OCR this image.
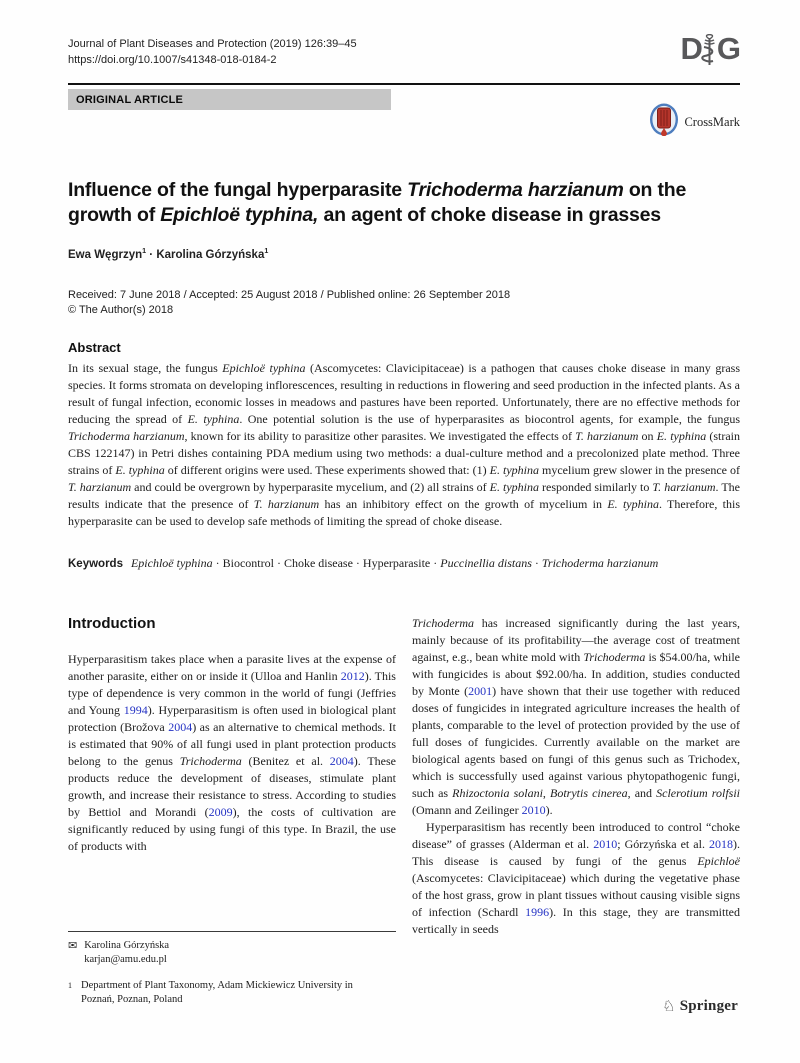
Journal of Plant Diseases and Protection (2019) 126:39–45
https://doi.org/10.1007/s41348-018-0184-2	D G
ORIGINAL ARTICLE
CrossMark
Influence of the fungal hyperparasite Trichoderma harzianum on the growth of Epichloë typhina, an agent of choke disease in grasses
Ewa Węgrzyn$^1$ · Karolina Górzyńska$^1$
Received: 7 June 2018 / Accepted: 25 August 2018 / Published online: 26 September 2018
© The Author(s) 2018
Abstract

In its sexual stage, the fungus Epichloë typhina (Ascomycetes: Clavicipitaceae) is a pathogen that causes choke disease in many grass species. It forms stromata on developing inflorescences, resulting in reductions in flowering and seed production in the infected plants. As a result of fungal infection, economic losses in meadows and pastures have been reported. Unfortunately, there are no effective methods for reducing the spread of E. typhina. One potential solution is the use of hyperparasites as biocontrol agents, for example, the fungus Trichoderma harzianum, known for its ability to parasitize other parasites. We investigated the effects of T. harzianum on E. typhina (strain CBS 122147) in Petri dishes containing PDA medium using two methods: a dual-culture method and a precolonized plate method. Three strains of E. typhina of different origins were used. These experiments showed that: (1) E. typhina mycelium grew slower in the presence of T. harzianum and could be overgrown by hyperparasite mycelium, and (2) all strains of E. typhina responded similarly to T. harzianum. The results indicate that the presence of T. harzianum has an inhibitory effect on the growth of mycelium in E. typhina. Therefore, this hyperparasite can be used to develop safe methods of limiting the spread of choke disease.

Keywords Epichloë typhina · Biocontrol · Choke disease · Hyperparasite · Puccinellia distans · Trichoderma harzianum
Introduction

Hyperparasitism takes place when a parasite lives at the expense of another parasite, either on or inside it (Ulloa and Hanlin 2012). This type of dependence is very common in the world of fungi (Jeffries and Young 1994). Hyperparasitism is often used in biological plant protection (Brožova 2004) as an alternative to chemical methods. It is estimated that 90% of all fungi used in plant protection products belong to the genus Trichoderma (Benitez et al. 2004). These products reduce the development of diseases, stimulate plant growth, and increase their resistance to stress. According to studies by Bettiol and Morandi (2009), the costs of cultivation are significantly reduced by using fungi of this type. In Brazil, the use of products with

✉ Karolina Górzyńska
karjan@amu.edu.pl
1 Department of Plant Taxonomy, Adam Mickiewicz University in Poznań, Poznan, Poland

Trichoderma has increased significantly during the last years, mainly because of its profitability—the average cost of treatment against, e.g., bean white mold with Trichoderma is $54.00/ha, while with fungicides is about $92.00/ha. In addition, studies conducted by Monte (2001) have shown that their use together with reduced doses of fungicides in integrated agriculture increases the health of plants, comparable to the level of protection provided by the use of full doses of fungicides. Currently available on the market are biological agents based on fungi of this genus such as Trichodex, which is successfully used against various phytopathogenic fungi, such as Rhizoctonia solani, Botrytis cinerea, and Sclerotium rolfsii (Omann and Zeilinger 2010).

Hyperparasitism has recently been introduced to control “choke disease” of grasses (Alderman et al. 2010; Górzyńska et al. 2018). This disease is caused by fungi of the genus Epichloë (Ascomycetes: Clavicipitaceae) which during the vegetative phase of the host grass, grow in plant tissues without causing visible signs of infection (Schardl 1996). In this stage, they are transmitted vertically in seeds

♘ Springer
